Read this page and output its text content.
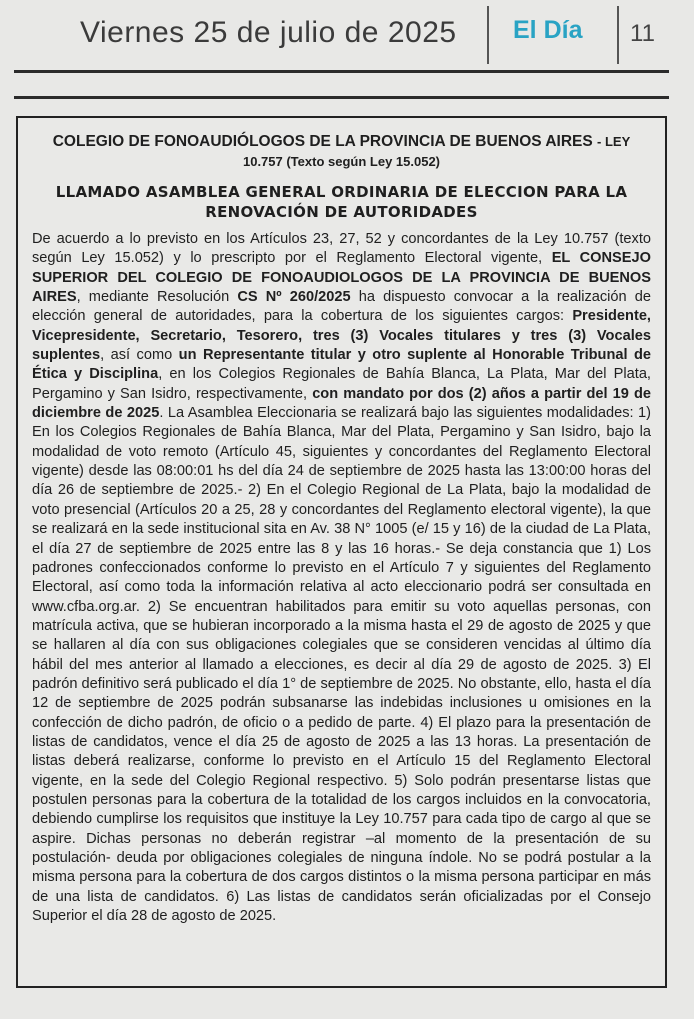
Viernes 25 de julio de 2025 El Día 11
COLEGIO DE FONOAUDIÓLOGOS DE LA PROVINCIA DE BUENOS AIRES - LEY 10.757 (Texto según Ley 15.052)
LLAMADO ASAMBLEA GENERAL ORDINARIA DE ELECCION PARA LA RENOVACIÓN DE AUTORIDADES

De acuerdo a lo previsto en los Artículos 23, 27, 52 y concordantes de la Ley 10.757 (texto según Ley 15.052) y lo prescripto por el Reglamento Electoral vigente, EL CONSEJO SUPERIOR DEL COLEGIO DE FONOAUDIOLOGOS DE LA PROVINCIA DE BUENOS AIRES, mediante Resolución CS Nº 260/2025 ha dispuesto convocar a la realización de elección general de autoridades, para la cobertura de los siguientes cargos: Presidente, Vicepresidente, Secretario, Tesorero, tres (3) Vocales titulares y tres (3) Vocales suplentes, así como un Representante titular y otro suplente al Honorable Tribunal de Ética y Disciplina, en los Colegios Regionales de Bahía Blanca, La Plata, Mar del Plata, Pergamino y San Isidro, respectivamente, con mandato por dos (2) años a partir del 19 de diciembre de 2025. La Asamblea Eleccionaria se realizará bajo las siguientes modalidades: 1) En los Colegios Regionales de Bahía Blanca, Mar del Plata, Pergamino y San Isidro, bajo la modalidad de voto remoto (Artículo 45, siguientes y concordantes del Reglamento Electoral vigente) desde las 08:00:01 hs del día 24 de septiembre de 2025 hasta las 13:00:00 horas del día 26 de septiembre de 2025.- 2) En el Colegio Regional de La Plata, bajo la modalidad de voto presencial (Artículos 20 a 25, 28 y concordantes del Reglamento electoral vigente), la que se realizará en la sede institucional sita en Av. 38 N° 1005 (e/ 15 y 16) de la ciudad de La Plata, el día 27 de septiembre de 2025 entre las 8 y las 16 horas.- Se deja constancia que 1) Los padrones confeccionados conforme lo previsto en el Artículo 7 y siguientes del Reglamento Electoral, así como toda la información relativa al acto eleccionario podrá ser consultada en www.cfba.org.ar. 2) Se encuentran habilitados para emitir su voto aquellas personas, con matrícula activa, que se hubieran incorporado a la misma hasta el 29 de agosto de 2025 y que se hallaren al día con sus obligaciones colegiales que se consideren vencidas al último día hábil del mes anterior al llamado a elecciones, es decir al día 29 de agosto de 2025. 3) El padrón definitivo será publicado el día 1° de septiembre de 2025. No obstante, ello, hasta el día 12 de septiembre de 2025 podrán subsanarse las indebidas inclusiones u omisiones en la confección de dicho padrón, de oficio o a pedido de parte. 4) El plazo para la presentación de listas de candidatos, vence el día 25 de agosto de 2025 a las 13 horas. La presentación de listas deberá realizarse, conforme lo previsto en el Artículo 15 del Reglamento Electoral vigente, en la sede del Colegio Regional respectivo. 5) Solo podrán presentarse listas que postulen personas para la cobertura de la totalidad de los cargos incluidos en la convocatoria, debiendo cumplirse los requisitos que instituye la Ley 10.757 para cada tipo de cargo al que se aspire. Dichas personas no deberán registrar –al momento de la presentación de su postulación- deuda por obligaciones colegiales de ninguna índole. No se podrá postular a la misma persona para la cobertura de dos cargos distintos o la misma persona participar en más de una lista de candidatos. 6) Las listas de candidatos serán oficializadas por el Consejo Superior el día 28 de agosto de 2025.
